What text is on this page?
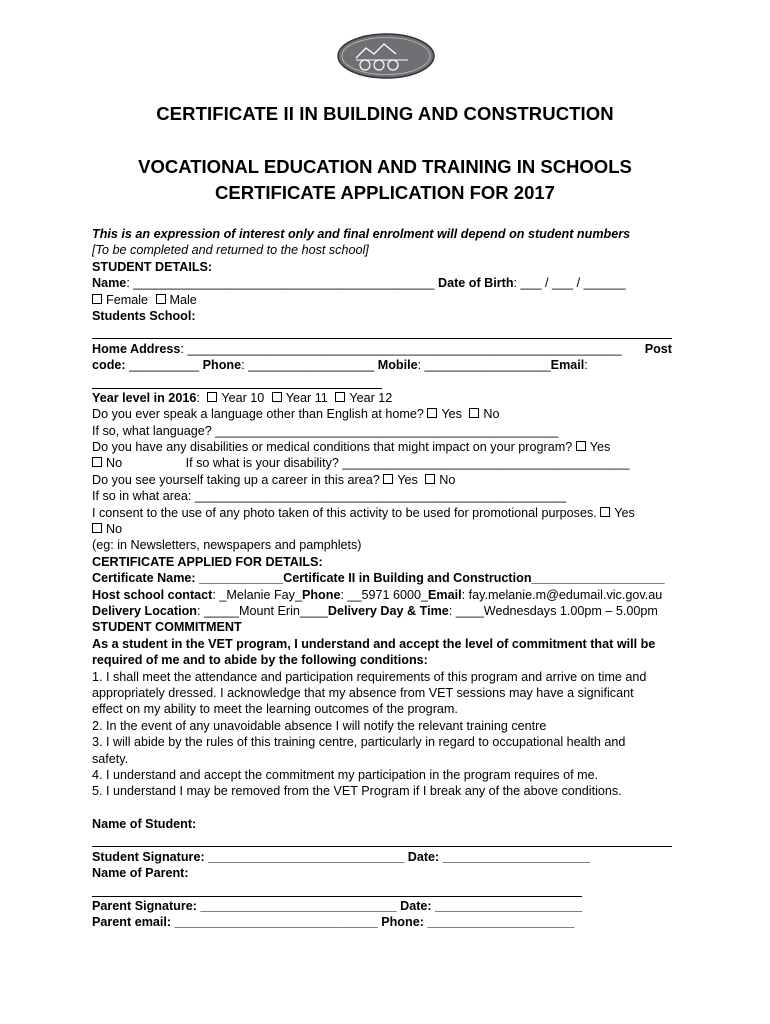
CERTIFICATE II IN BUILDING AND CONSTRUCTION
VOCATIONAL EDUCATION AND TRAINING IN SCHOOLS
CERTIFICATE APPLICATION FOR 2017
This is an expression of interest only and final enrolment will depend on student numbers
[To be completed and returned to the host school]
STUDENT DETAILS:
Name: ___________________________________________ Date of Birth: ___ / ___ / ______
Female Male
Students School:
Home Address: ______________________________________________________________ Post
code: __________ Phone: __________________ Mobile: __________________Email:
Year level in 2016: Year 10 Year 11 Year 12
Do you ever speak a language other than English at home? Yes No
If so, what language? _________________________________________________
Do you have any disabilities or medical conditions that might impact on your program? Yes
No	If so what is your disability? _________________________________________
Do you see yourself taking up a career in this area? Yes No
If so in what area: _____________________________________________________
I consent to the use of any photo taken of this activity to be used for promotional purposes. Yes
No
(eg: in Newsletters, newspapers and pamphlets)
CERTIFICATE APPLIED FOR DETAILS:
Certificate Name: ____________Certificate II in Building and Construction___________________
Host school contact: _Melanie Fay_Phone: __5971 6000_Email: fay.melanie.m@edumail.vic.gov.au
Delivery Location: _____Mount Erin____Delivery Day & Time: ____Wednesdays 1.00pm – 5.00pm
STUDENT COMMITMENT
As a student in the VET program, I understand and accept the level of commitment that will be
required of me and to abide by the following conditions:
1. I shall meet the attendance and participation requirements of this program and arrive on time and
appropriately dressed. I acknowledge that my absence from VET sessions may have a significant
effect on my ability to meet the learning outcomes of the program.
2. In the event of any unavoidable absence I will notify the relevant training centre
3. I will abide by the rules of this training centre, particularly in regard to occupational health and
safety.
4. I understand and accept the commitment my participation in the program requires of me.
5. I understand I may be removed from the VET Program if I break any of the above conditions.
Name of Student:
Student Signature: ____________________________ Date: _____________________
Name of Parent:
Parent Signature: ____________________________ Date: _____________________
Parent email: _____________________________ Phone: _____________________
